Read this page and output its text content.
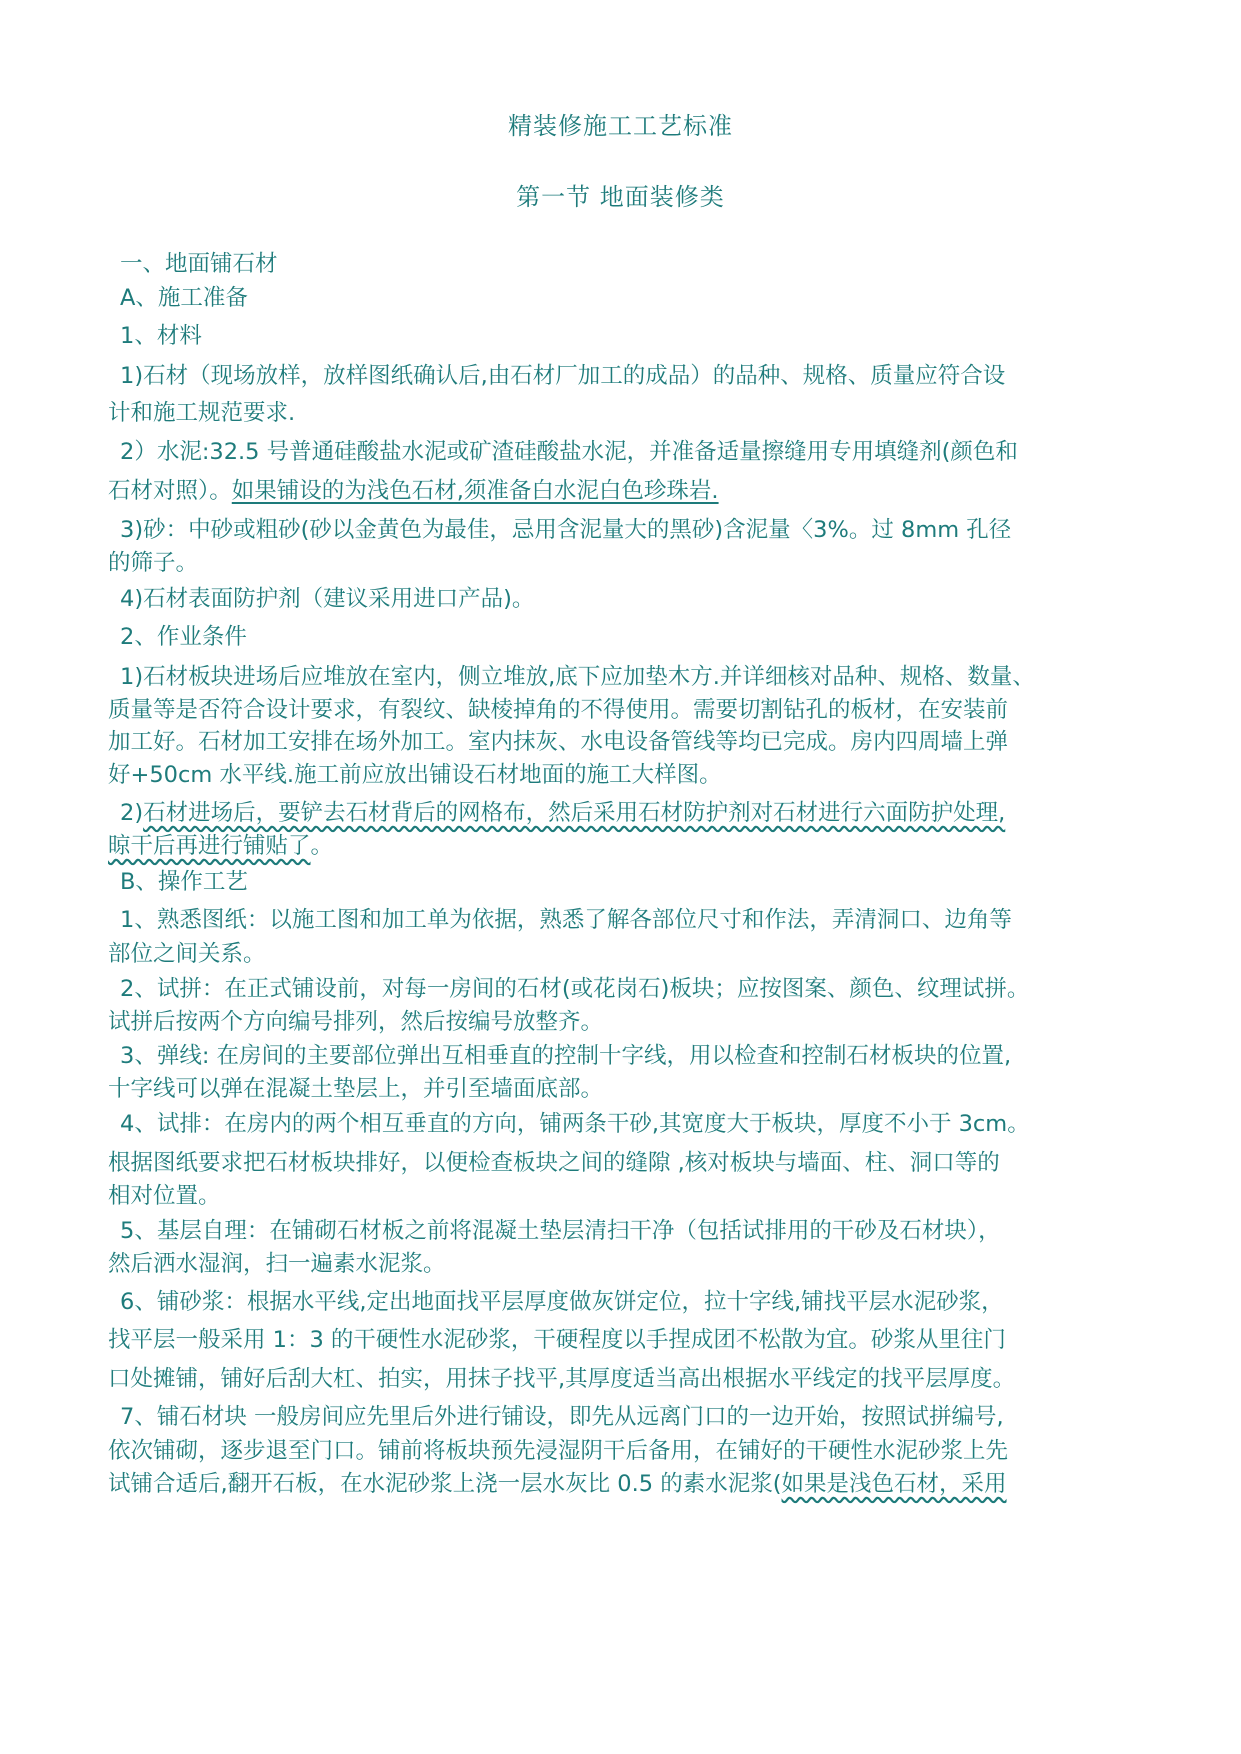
精装修施工工艺标准
第一节 地面装修类
一、地面铺石材
A、施工准备
1、材料
1)石材（现场放样，放样图纸确认后,由石材厂加工的成品）的品种、规格、质量应符合设
计和施工规范要求.
2）水泥:32.5 号普通硅酸盐水泥或矿渣硅酸盐水泥，并准备适量擦缝用专用填缝剂(颜色和
石材对照）。如果铺设的为浅色石材,须准备白水泥白色珍珠岩.
3)砂：中砂或粗砂(砂以金黄色为最佳，忌用含泥量大的黑砂)含泥量〈3%。过 8mm 孔径
的筛子。
4)石材表面防护剂（建议采用进口产品)。
2、作业条件
1)石材板块进场后应堆放在室内，侧立堆放,底下应加垫木方.并详细核对品种、规格、数量、
质量等是否符合设计要求，有裂纹、缺棱掉角的不得使用。需要切割钻孔的板材，在安装前
加工好。石材加工安排在场外加工。室内抹灰、水电设备管线等均已完成。房内四周墙上弹
好+50cm 水平线.施工前应放出铺设石材地面的施工大样图。
2)石材进场后，要铲去石材背后的网格布，然后采用石材防护剂对石材进行六面防护处理,
晾干后再进行铺贴了。
B、操作工艺
1、熟悉图纸：以施工图和加工单为依据，熟悉了解各部位尺寸和作法，弄清洞口、边角等
部位之间关系。
2、试拼：在正式铺设前，对每一房间的石材(或花岗石)板块；应按图案、颜色、纹理试拼。
试拼后按两个方向编号排列，然后按编号放整齐。
3、弹线: 在房间的主要部位弹出互相垂直的控制十字线，用以检查和控制石材板块的位置,
十字线可以弹在混凝土垫层上，并引至墙面底部。
4、试排：在房内的两个相互垂直的方向，铺两条干砂,其宽度大于板块，厚度不小于 3cm。
根据图纸要求把石材板块排好，以便检查板块之间的缝隙 ,核对板块与墙面、柱、洞口等的
相对位置。
5、基层自理：在铺砌石材板之前将混凝土垫层清扫干净（包括试排用的干砂及石材块），
然后洒水湿润，扫一遍素水泥浆。
6、铺砂浆：根据水平线,定出地面找平层厚度做灰饼定位，拉十字线,铺找平层水泥砂浆，
找平层一般采用 1：3 的干硬性水泥砂浆，干硬程度以手捏成团不松散为宜。砂浆从里往门
口处摊铺，铺好后刮大杠、拍实，用抹子找平,其厚度适当高出根据水平线定的找平层厚度。
7、铺石材块 一般房间应先里后外进行铺设，即先从远离门口的一边开始，按照试拼编号,
依次铺砌，逐步退至门口。铺前将板块预先浸湿阴干后备用，在铺好的干硬性水泥砂浆上先
试铺合适后,翻开石板，在水泥砂浆上浇一层水灰比 0.5 的素水泥浆(如果是浅色石材，采用
